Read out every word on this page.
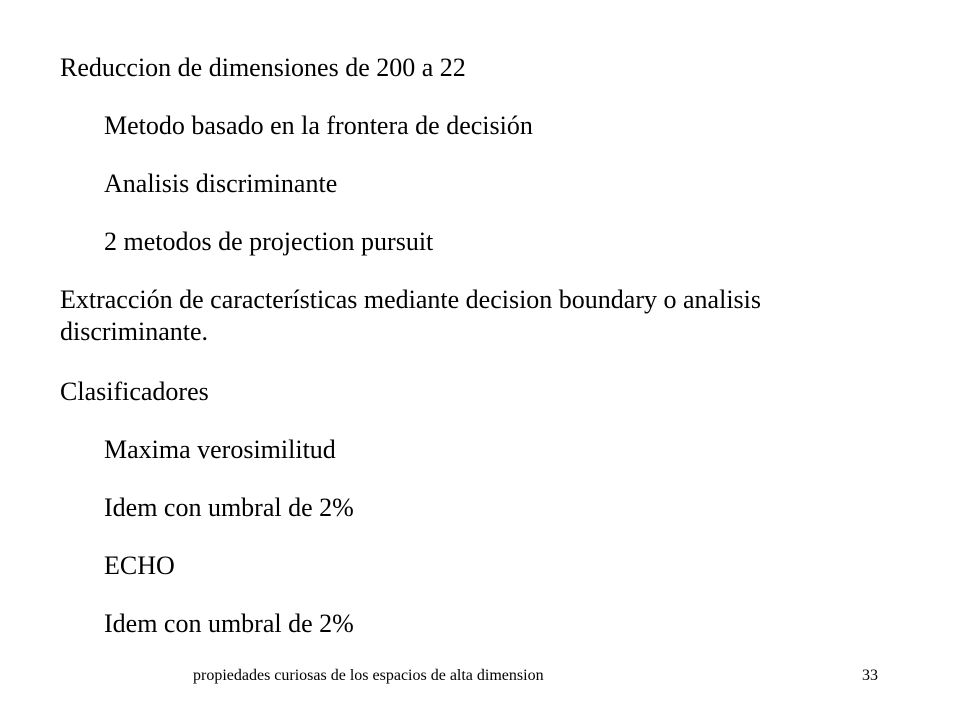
Reduccion de dimensiones de 200 a 22
Metodo basado en la frontera de decisión
Analisis discriminante
2 metodos de projection pursuit
Extracción de características mediante decision boundary o analisis discriminante.
Clasificadores
Maxima verosimilitud
Idem con umbral de 2%
ECHO
Idem con umbral de 2%
propiedades curiosas de los espacios de alta dimension	33
